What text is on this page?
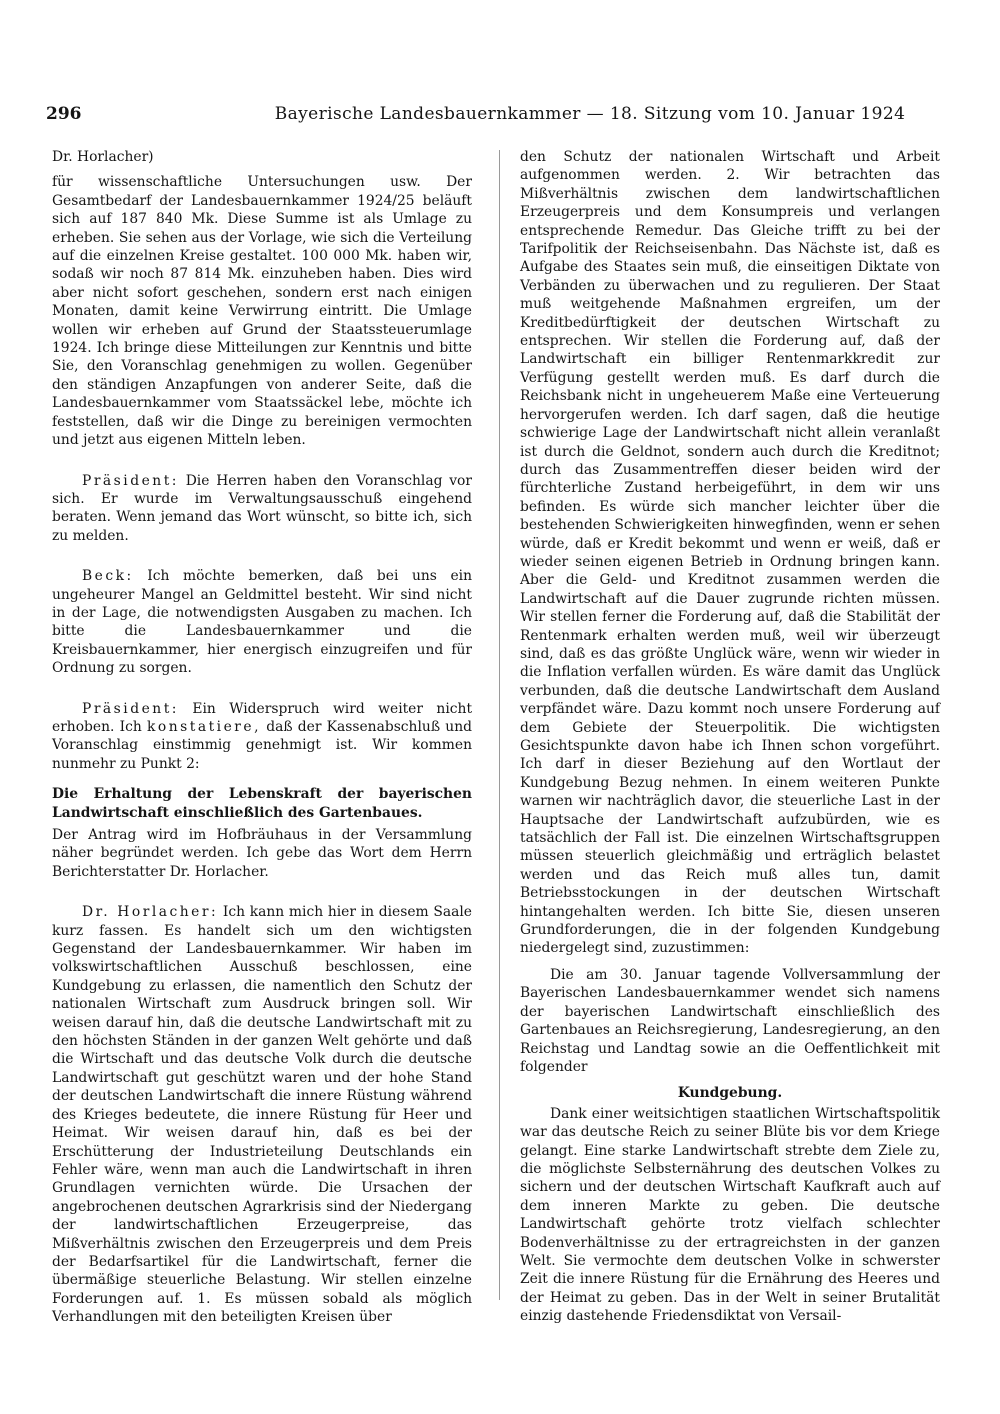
296	Bayerische Landesbauernkammer — 18. Sitzung vom 10. Januar 1924

Dr. Horlacher)

für wissenschaftliche Untersuchungen usw. Der Gesamtbedarf der Landesbauernkammer 1924/25 beläuft sich auf 187 840 Mk. Diese Summe ist als Umlage zu erheben. Sie sehen aus der Vorlage, wie sich die Verteilung auf die einzelnen Kreise gestaltet. 100 000 Mk. haben wir, sodaß wir noch 87 814 Mk. einzuheben haben. Dies wird aber nicht sofort geschehen, sondern erst nach einigen Monaten, damit keine Verwirrung eintritt. Die Umlage wollen wir erheben auf Grund der Staatssteuerumlage 1924. Ich bringe diese Mitteilungen zur Kenntnis und bitte Sie, den Voranschlag genehmigen zu wollen. Gegenüber den ständigen Anzapfungen von anderer Seite, daß die Landesbauernkammer vom Staatssäckel lebe, möchte ich feststellen, daß wir die Dinge zu bereinigen vermochten und jetzt aus eigenen Mitteln leben.

Präsident: Die Herren haben den Voranschlag vor sich. Er wurde im Verwaltungsausschuß eingehend beraten. Wenn jemand das Wort wünscht, so bitte ich, sich zu melden.

Beck: Ich möchte bemerken, daß bei uns ein ungeheurer Mangel an Geldmittel besteht. Wir sind nicht in der Lage, die notwendigsten Ausgaben zu machen. Ich bitte die Landesbauernkammer und die Kreisbauernkammer, hier energisch einzugreifen und für Ordnung zu sorgen.

Präsident: Ein Widerspruch wird weiter nicht erhoben. Ich konstatiere, daß der Kassenabschluß und Voranschlag einstimmig genehmigt ist. Wir kommen nunmehr zu Punkt 2:

Die Erhaltung der Lebenskraft der bayerischen Landwirtschaft einschließlich des Gartenbaues.

Der Antrag wird im Hofbräuhaus in der Versammlung näher begründet werden. Ich gebe das Wort dem Herrn Berichterstatter Dr. Horlacher.

Dr. Horlacher: Ich kann mich hier in diesem Saale kurz fassen. Es handelt sich um den wichtigsten Gegenstand der Landesbauernkammer. Wir haben im volkswirtschaftlichen Ausschuß beschlossen, eine Kundgebung zu erlassen, die namentlich den Schutz der nationalen Wirtschaft zum Ausdruck bringen soll. Wir weisen darauf hin, daß die deutsche Landwirtschaft mit zu den höchsten Ständen in der ganzen Welt gehörte und daß die Wirtschaft und das deutsche Volk durch die deutsche Landwirtschaft gut geschützt waren und der hohe Stand der deutschen Landwirtschaft die innere Rüstung während des Krieges bedeutete, die innere Rüstung für Heer und Heimat. Wir weisen darauf hin, daß es bei der Erschütterung der Industrieteilung Deutschlands ein Fehler wäre, wenn man auch die Landwirtschaft in ihren Grundlagen vernichten würde. Die Ursachen der angebrochenen deutschen Agrarkrisis sind der Niedergang der landwirtschaftlichen Erzeugerpreise, das Mißverhältnis zwischen den Erzeugerpreis und dem Preis der Bedarfsartikel für die Landwirtschaft, ferner die übermäßige steuerliche Belastung. Wir stellen einzelne Forderungen auf. 1. Es müssen sobald als möglich Verhandlungen mit den beteiligten Kreisen über

den Schutz der nationalen Wirtschaft und Arbeit aufgenommen werden. 2. Wir betrachten das Mißverhältnis zwischen dem landwirtschaftlichen Erzeugerpreis und dem Konsumpreis und verlangen entsprechende Remedur. Das Gleiche trifft zu bei der Tarifpolitik der Reichseisenbahn. Das Nächste ist, daß es Aufgabe des Staates sein muß, die einseitigen Diktate von Verbänden zu überwachen und zu regulieren. Der Staat muß weitgehende Maßnahmen ergreifen, um der Kreditbedürftigkeit der deutschen Wirtschaft zu entsprechen. Wir stellen die Forderung auf, daß der Landwirtschaft ein billiger Rentenmarkkredit zur Verfügung gestellt werden muß. Es darf durch die Reichsbank nicht in ungeheuerem Maße eine Verteuerung hervorgerufen werden. Ich darf sagen, daß die heutige schwierige Lage der Landwirtschaft nicht allein veranlaßt ist durch die Geldnot, sondern auch durch die Kreditnot; durch das Zusammentreffen dieser beiden wird der fürchterliche Zustand herbeigeführt, in dem wir uns befinden. Es würde sich mancher leichter über die bestehenden Schwierigkeiten hinwegfinden, wenn er sehen würde, daß er Kredit bekommt und wenn er weiß, daß er wieder seinen eigenen Betrieb in Ordnung bringen kann. Aber die Geld- und Kreditnot zusammen werden die Landwirtschaft auf die Dauer zugrunde richten müssen. Wir stellen ferner die Forderung auf, daß die Stabilität der Rentenmark erhalten werden muß, weil wir überzeugt sind, daß es das größte Unglück wäre, wenn wir wieder in die Inflation verfallen würden. Es wäre damit das Unglück verbunden, daß die deutsche Landwirtschaft dem Ausland verpfändet wäre. Dazu kommt noch unsere Forderung auf dem Gebiete der Steuerpolitik. Die wichtigsten Gesichtspunkte davon habe ich Ihnen schon vorgeführt. Ich darf in dieser Beziehung auf den Wortlaut der Kundgebung Bezug nehmen. In einem weiteren Punkte warnen wir nachträglich davor, die steuerliche Last in der Hauptsache der Landwirtschaft aufzubürden, wie es tatsächlich der Fall ist. Die einzelnen Wirtschaftsgruppen müssen steuerlich gleichmäßig und erträglich belastet werden und das Reich muß alles tun, damit Betriebsstockungen in der deutschen Wirtschaft hintangehalten werden. Ich bitte Sie, diesen unseren Grundforderungen, die in der folgenden Kundgebung niedergelegt sind, zuzustimmen:

Die am 30. Januar tagende Vollversammlung der Bayerischen Landesbauernkammer wendet sich namens der bayerischen Landwirtschaft einschließlich des Gartenbaues an Reichsregierung, Landesregierung, an den Reichstag und Landtag sowie an die Oeffentlichkeit mit folgender

Kundgebung.

Dank einer weitsichtigen staatlichen Wirtschaftspolitik war das deutsche Reich zu seiner Blüte bis vor dem Kriege gelangt. Eine starke Landwirtschaft strebte dem Ziele zu, die möglichste Selbsternährung des deutschen Volkes zu sichern und der deutschen Wirtschaft Kaufkraft auch auf dem inneren Markte zu geben. Die deutsche Landwirtschaft gehörte trotz vielfach schlechter Bodenverhältnisse zu der ertragreichsten in der ganzen Welt. Sie vermochte dem deutschen Volke in schwerster Zeit die innere Rüstung für die Ernährung des Heeres und der Heimat zu geben. Das in der Welt in seiner Brutalität einzig dastehende Friedensdiktat von Versail-
